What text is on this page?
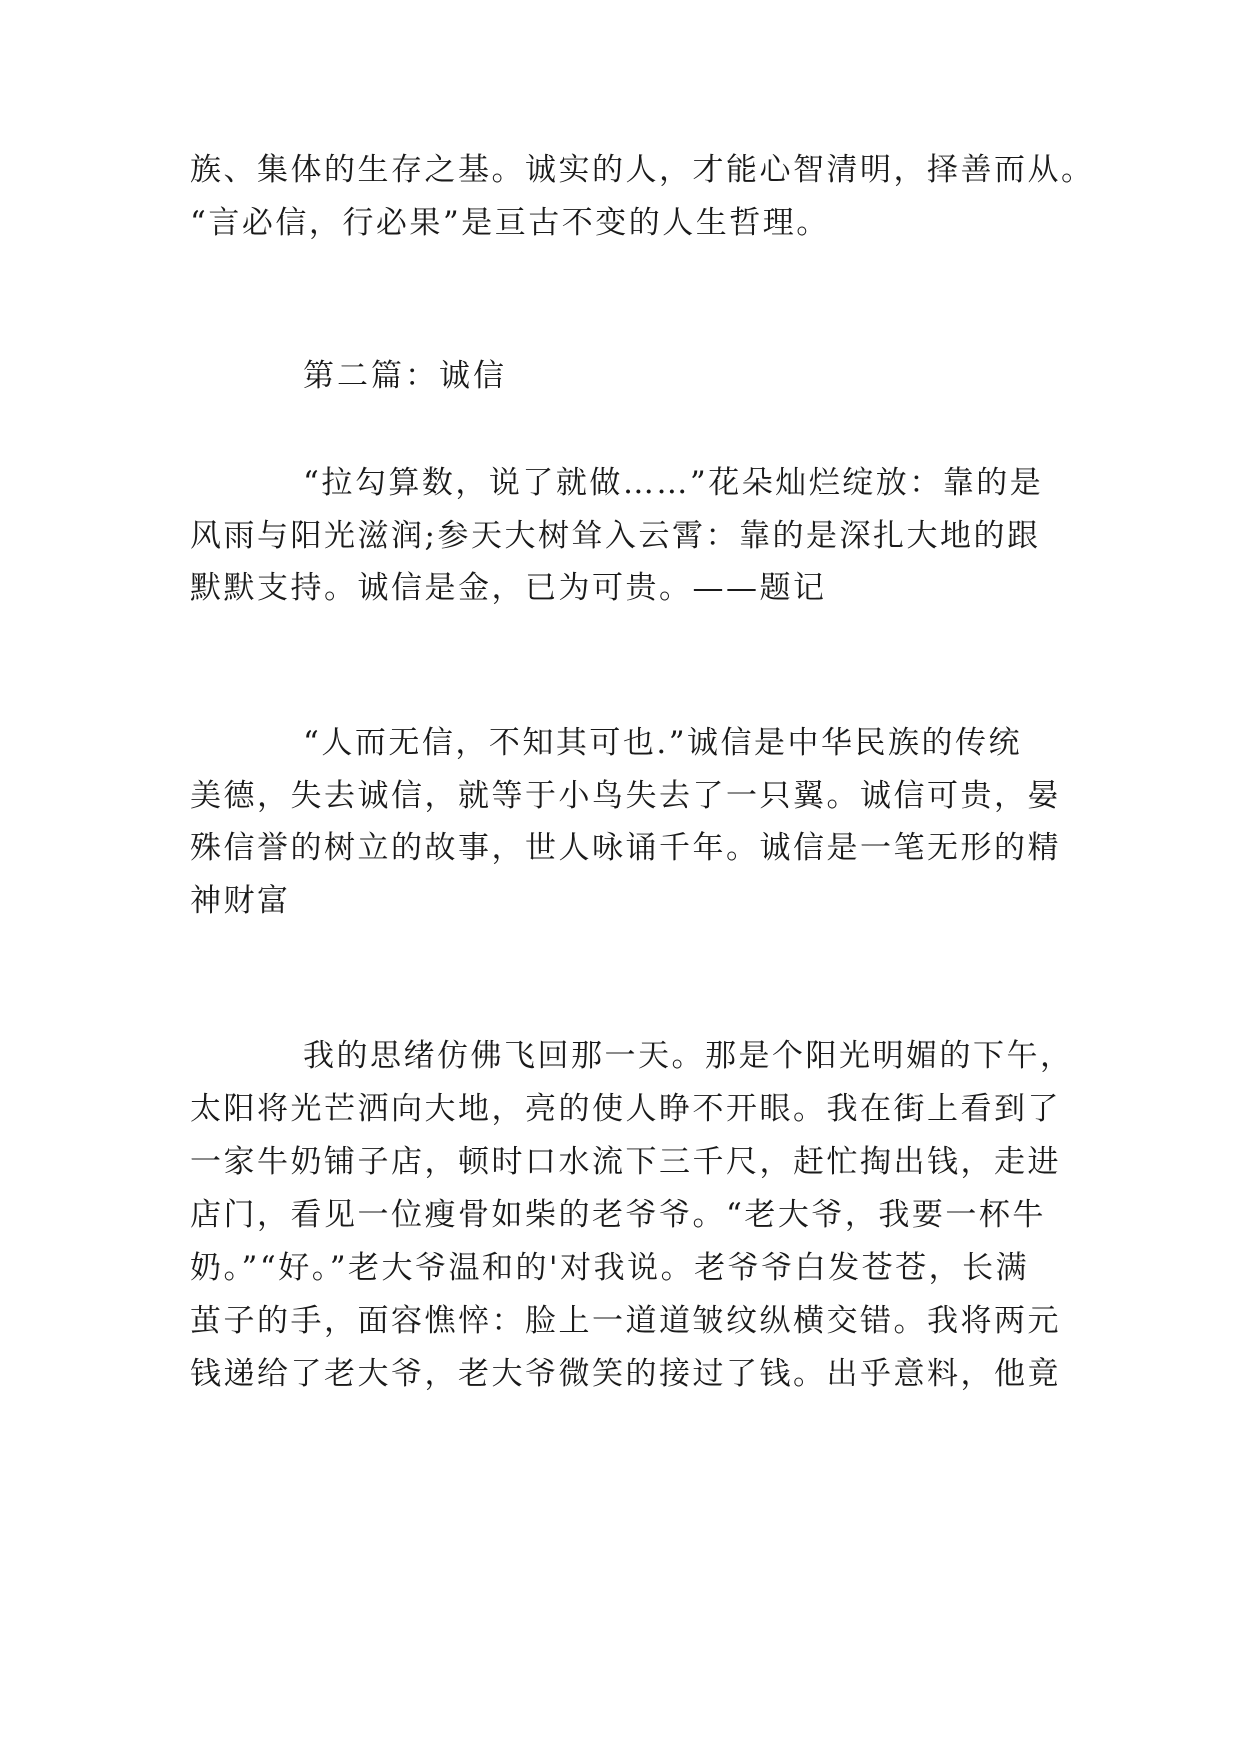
族、集体的生存之基。诚实的人，才能心智清明，择善而从。
“言必信，行必果”是亘古不变的人生哲理。
第二篇：诚信
“拉勾算数，说了就做……”花朵灿烂绽放：靠的是
风雨与阳光滋润;参天大树耸入云霄：靠的是深扎大地的跟
默默支持。诚信是金，已为可贵。——题记
“人而无信，不知其可也.”诚信是中华民族的传统
美德，失去诚信，就等于小鸟失去了一只翼。诚信可贵，晏
殊信誉的树立的故事，世人咏诵千年。诚信是一笔无形的精
神财富
我的思绪仿佛飞回那一天。那是个阳光明媚的下午，
太阳将光芒洒向大地，亮的使人睁不开眼。我在街上看到了
一家牛奶铺子店，顿时口水流下三千尺，赶忙掏出钱，走进
店门，看见一位瘦骨如柴的老爷爷。“老大爷，我要一杯牛
奶。”“好。”老大爷温和的'对我说。老爷爷白发苍苍，长满
茧子的手，面容憔悴：脸上一道道皱纹纵横交错。我将两元
钱递给了老大爷，老大爷微笑的接过了钱。出乎意料，他竟
